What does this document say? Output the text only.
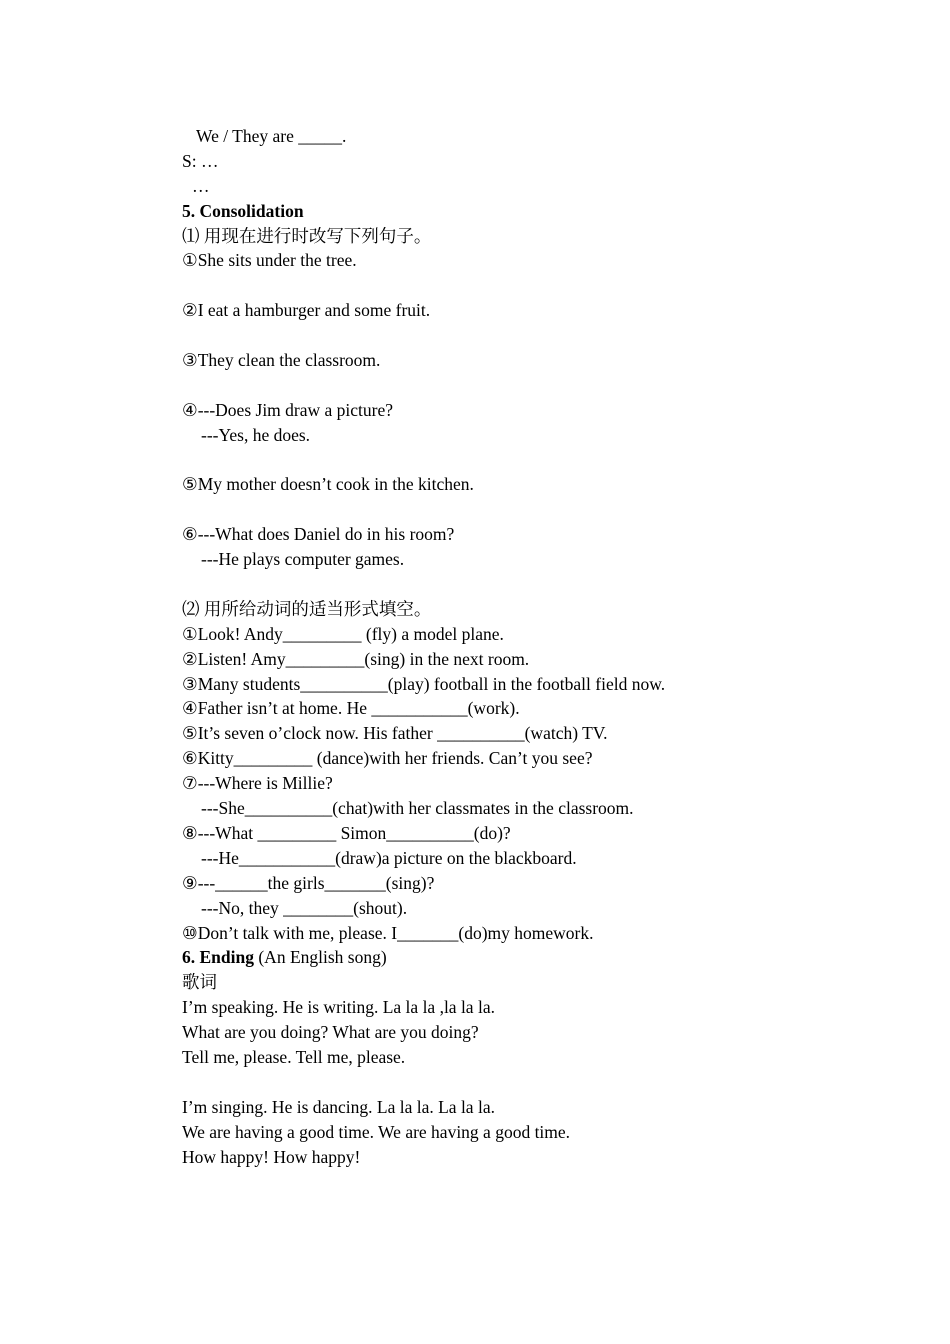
We / They are _____.
S: …
…
5. Consolidation
⑴ 用现在进行时改写下列句子。
①She sits under the tree.
②I eat a hamburger and some fruit.
③They clean the classroom.
④---Does Jim draw a picture?
---Yes, he does.
⑤My mother doesn’t cook in the kitchen.
⑥---What does Daniel do in his room?
---He plays computer games.
⑵ 用所给动词的适当形式填空。
①Look! Andy_________ (fly) a model plane.
②Listen! Amy_________(sing) in the next room.
③Many students__________(play) football in the football field now.
④Father isn’t at home. He ___________(work).
⑤It’s seven o’clock now. His father __________(watch) TV.
⑥Kitty_________ (dance)with her friends. Can’t you see?
⑦---Where is Millie?
---She__________(chat)with her classmates in the classroom.
⑧---What _________ Simon__________(do)?
---He___________(draw)a picture on the blackboard.
⑨---______the girls_______(sing)?
---No, they ________(shout).
⑩Don’t talk with me, please. I_______(do)my homework.
6. Ending (An English song)
歌词
I’m speaking. He is writing. La la la ,la la la.
What are you doing? What are you doing?
Tell me, please. Tell me, please.
I’m singing. He is dancing. La la la. La la la.
We are having a good time. We are having a good time.
How happy! How happy!
